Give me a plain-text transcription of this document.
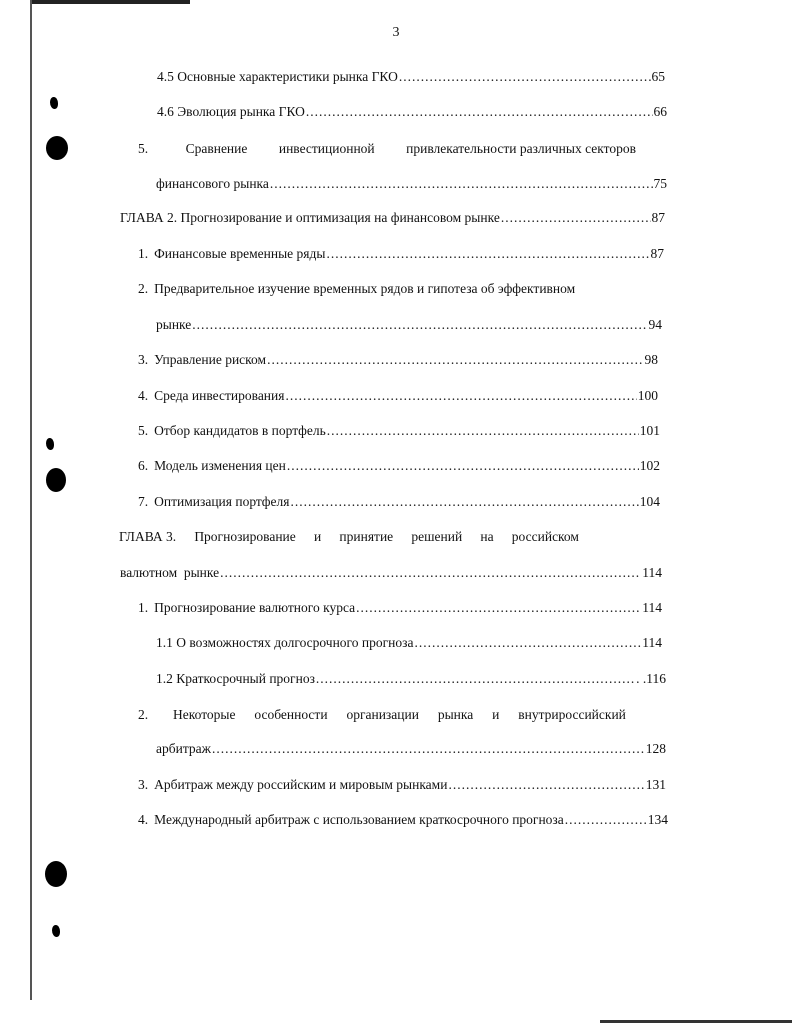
3
4.5 Основные характеристики рынка ГКО .....	65
4.6 Эволюция рынка ГКО .....	66
5.	Сравнение инвестиционной привлекательности различных секторов
финансового рынка .....	75
ГЛАВА 2. Прогнозирование и оптимизация на финансовом рынке .....	87
1. Финансовые временные ряды .....	87
2. Предварительное изучение временных рядов и гипотеза об эффективном
рынке .....	94
3. Управление риском .....	98
4. Среда инвестирования .....	100
5. Отбор кандидатов в портфель .....	101
6. Модель изменения цен .....	102
7. Оптимизация портфеля .....	104
ГЛАВА 3. Прогнозирование и принятие решений на российском
валютном  рынке .....	114
1. Прогнозирование валютного курса .....	114
1.1 О возможностях долгосрочного прогноза .....	114
1.2 Краткосрочный прогноз .....	. .116
2. Некоторые особенности организации рынка и внутрироссийский
арбитраж .....	128
3. Арбитраж между российским и мировым рынками .....	131
4. Международный арбитраж с использованием краткосрочного прогноза .....	134
